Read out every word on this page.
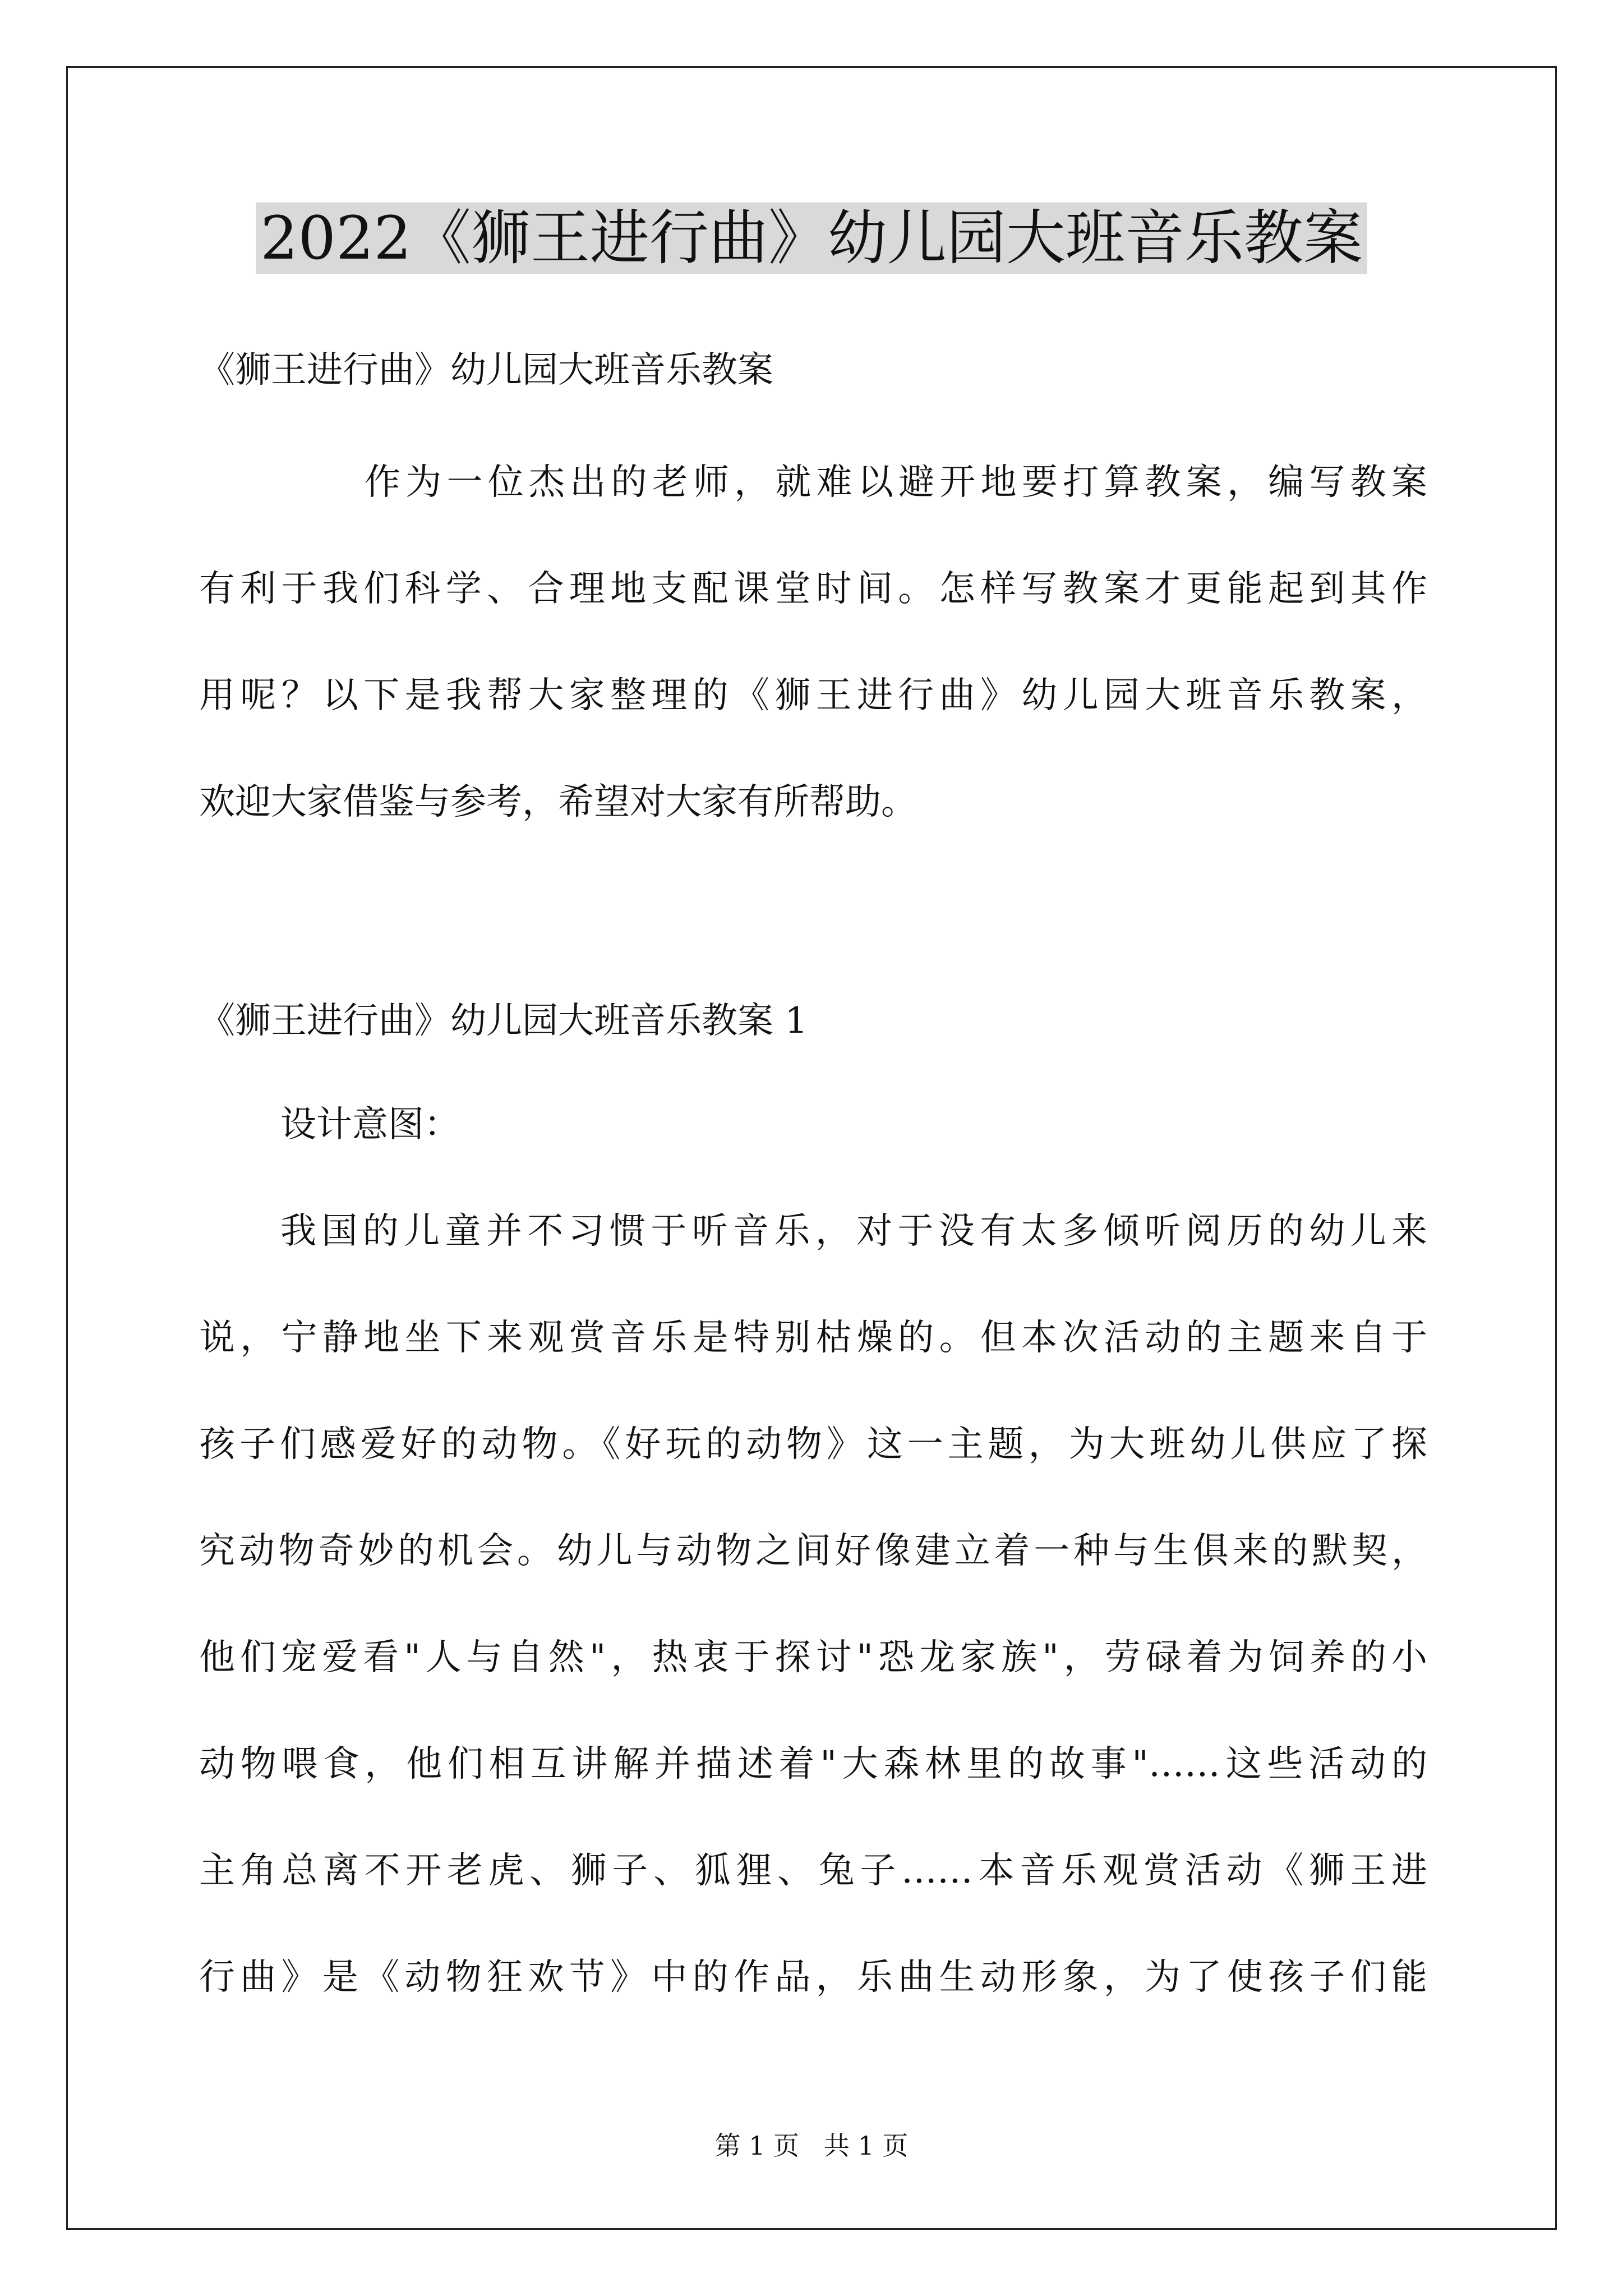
2022《狮王进行曲》幼儿园大班音乐教案
《狮王进行曲》幼儿园大班音乐教案
作为一位杰出的老师，就难以避开地要打算教案，编写教案
有利于我们科学、合理地支配课堂时间。怎样写教案才更能起到其作
用呢？以下是我帮大家整理的《狮王进行曲》幼儿园大班音乐教案，
欢迎大家借鉴与参考，希望对大家有所帮助。
《狮王进行曲》幼儿园大班音乐教案 1
设计意图：
我国的儿童并不习惯于听音乐，对于没有太多倾听阅历的幼儿来
说，宁静地坐下来观赏音乐是特别枯燥的。但本次活动的主题来自于
孩子们感爱好的动物。《好玩的动物》这一主题，为大班幼儿供应了探
究动物奇妙的机会。幼儿与动物之间好像建立着一种与生俱来的默契，
他们宠爱看"人与自然"，热衷于探讨"恐龙家族"，劳碌着为饲养的小
动物喂食，他们相互讲解并描述着"大森林里的故事"……这些活动的
主角总离不开老虎、狮子、狐狸、兔子……本音乐观赏活动《狮王进
行曲》是《动物狂欢节》中的作品，乐曲生动形象，为了使孩子们能
第 1 页   共 1 页
